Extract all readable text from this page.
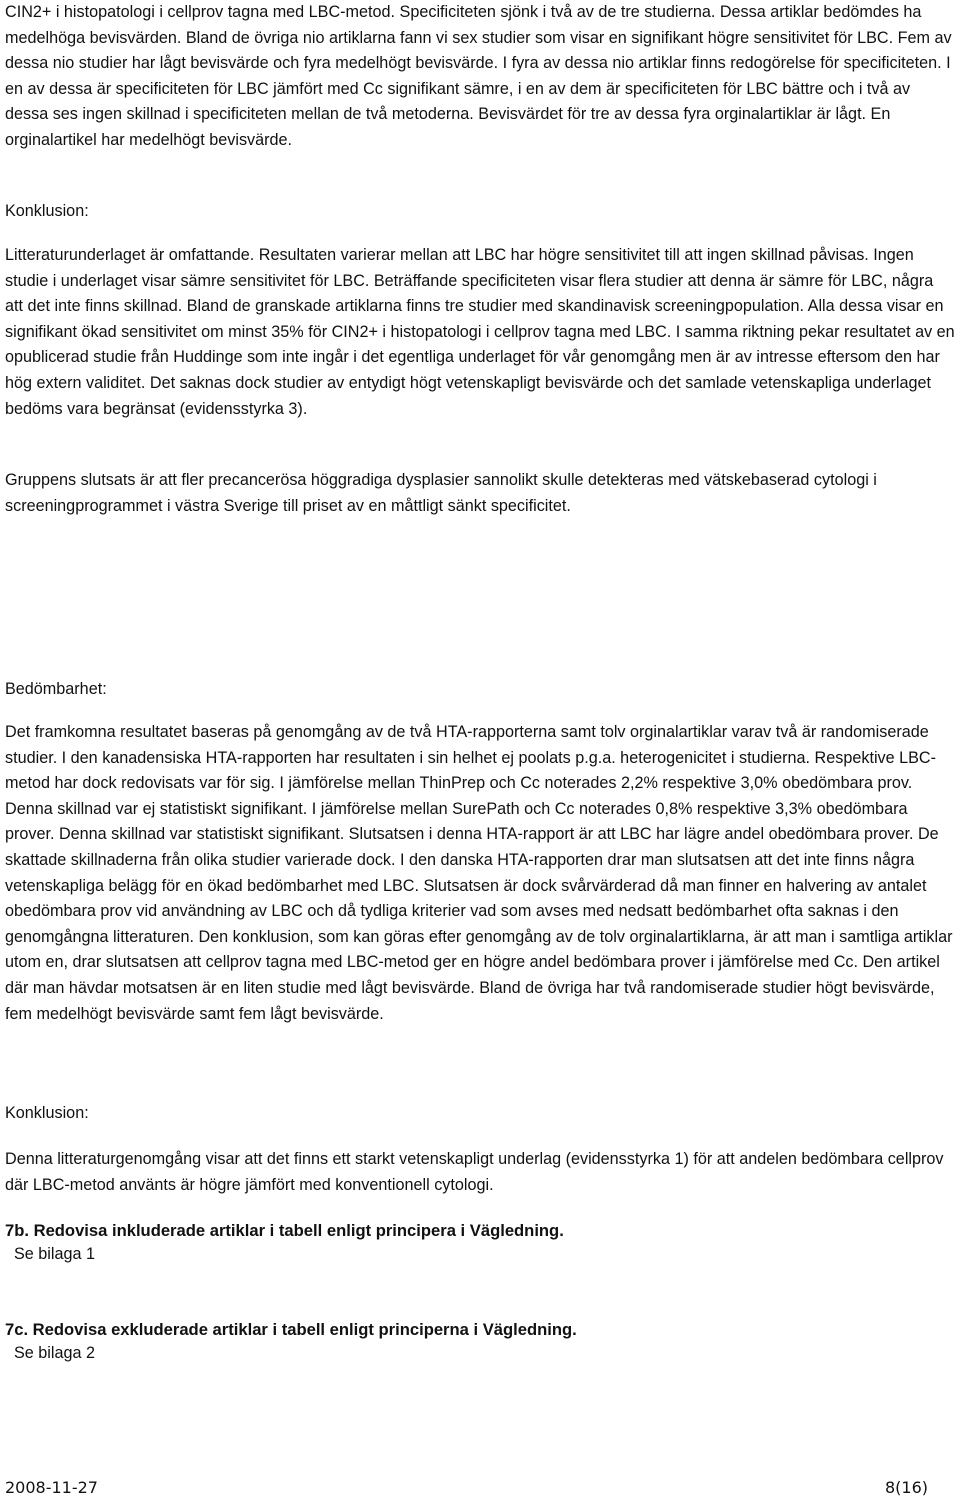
CIN2+ i histopatologi i cellprov tagna med LBC-metod. Specificiteten sjönk i två av de tre studierna. Dessa artiklar bedömdes ha medelhöga bevisvärden. Bland de övriga nio artiklarna fann vi sex studier som visar en signifikant högre sensitivitet för LBC. Fem av dessa nio studier har lågt bevisvärde och fyra medelhögt bevisvärde. I fyra av dessa nio artiklar finns redogörelse för specificiteten. I en av dessa är specificiteten för LBC jämfört med Cc signifikant sämre, i en av dem är specificiteten för LBC bättre och i två av dessa ses ingen skillnad i specificiteten mellan de två metoderna. Bevisvärdet för tre av dessa fyra orginalartiklar är lågt. En orginalartikel har medelhögt bevisvärde.

Konklusion:

Litteraturunderlaget är omfattande. Resultaten varierar mellan att LBC har högre sensitivitet till att ingen skillnad påvisas. Ingen studie i underlaget visar sämre sensitivitet för LBC. Beträffande specificiteten visar flera studier att denna är sämre för LBC, några att det inte finns skillnad. Bland de granskade artiklarna finns tre studier med skandinavisk screeningpopulation. Alla dessa visar en signifikant ökad sensitivitet om minst 35% för CIN2+ i histopatologi i cellprov tagna med LBC. I samma riktning pekar resultatet av en opublicerad studie från Huddinge som inte ingår i det egentliga underlaget för vår genomgång men är av intresse eftersom den har hög extern validitet. Det saknas dock studier av entydigt högt vetenskapligt bevisvärde och det samlade vetenskapliga underlaget bedöms vara begränsat (evidensstyrka 3).

Gruppens slutsats är att fler precancerösa höggradiga dysplasier sannolikt skulle detekteras med vätskebaserad cytologi i screeningprogrammet i västra Sverige till priset av en måttligt sänkt specificitet.

Bedömbarhet:

Det framkomna resultatet baseras på genomgång av de två HTA-rapporterna samt tolv orginalartiklar varav två är randomiserade studier. I den kanadensiska HTA-rapporten har resultaten i sin helhet ej poolats p.g.a. heterogenicitet i studierna. Respektive LBC-metod har dock redovisats var för sig. I jämförelse mellan ThinPrep och Cc noterades 2,2% respektive 3,0% obedömbara prov. Denna skillnad var ej statistiskt signifikant. I jämförelse mellan SurePath och Cc noterades 0,8% respektive 3,3% obedömbara prover. Denna skillnad var statistiskt signifikant. Slutsatsen i denna HTA-rapport är att LBC har lägre andel obedömbara prover. De skattade skillnaderna från olika studier varierade dock. I den danska HTA-rapporten drar man slutsatsen att det inte finns några vetenskapliga belägg för en ökad bedömbarhet med LBC. Slutsatsen är dock svårvärderad då man finner en halvering av antalet obedömbara prov vid användning av LBC och då tydliga kriterier vad som avses med nedsatt bedömbarhet ofta saknas i den genomgångna litteraturen. Den konklusion, som kan göras efter genomgång av de tolv orginalartiklarna, är att man i samtliga artiklar utom en, drar slutsatsen att cellprov tagna med LBC-metod ger en högre andel bedömbara prover i jämförelse med Cc. Den artikel där man hävdar motsatsen är en liten studie med lågt bevisvärde. Bland de övriga har två randomiserade studier högt bevisvärde, fem medelhögt bevisvärde samt fem lågt bevisvärde.

Konklusion:

Denna litteraturgenomgång visar att det finns ett starkt vetenskapligt underlag (evidensstyrka 1) för att andelen bedömbara cellprov där LBC-metod använts är högre jämfört med konventionell cytologi.

7b. Redovisa inkluderade artiklar i tabell enligt principera i Vägledning.

Se bilaga 1

7c. Redovisa exkluderade artiklar i tabell enligt principerna i Vägledning.

Se bilaga 2

2008-11-27	8(16)
